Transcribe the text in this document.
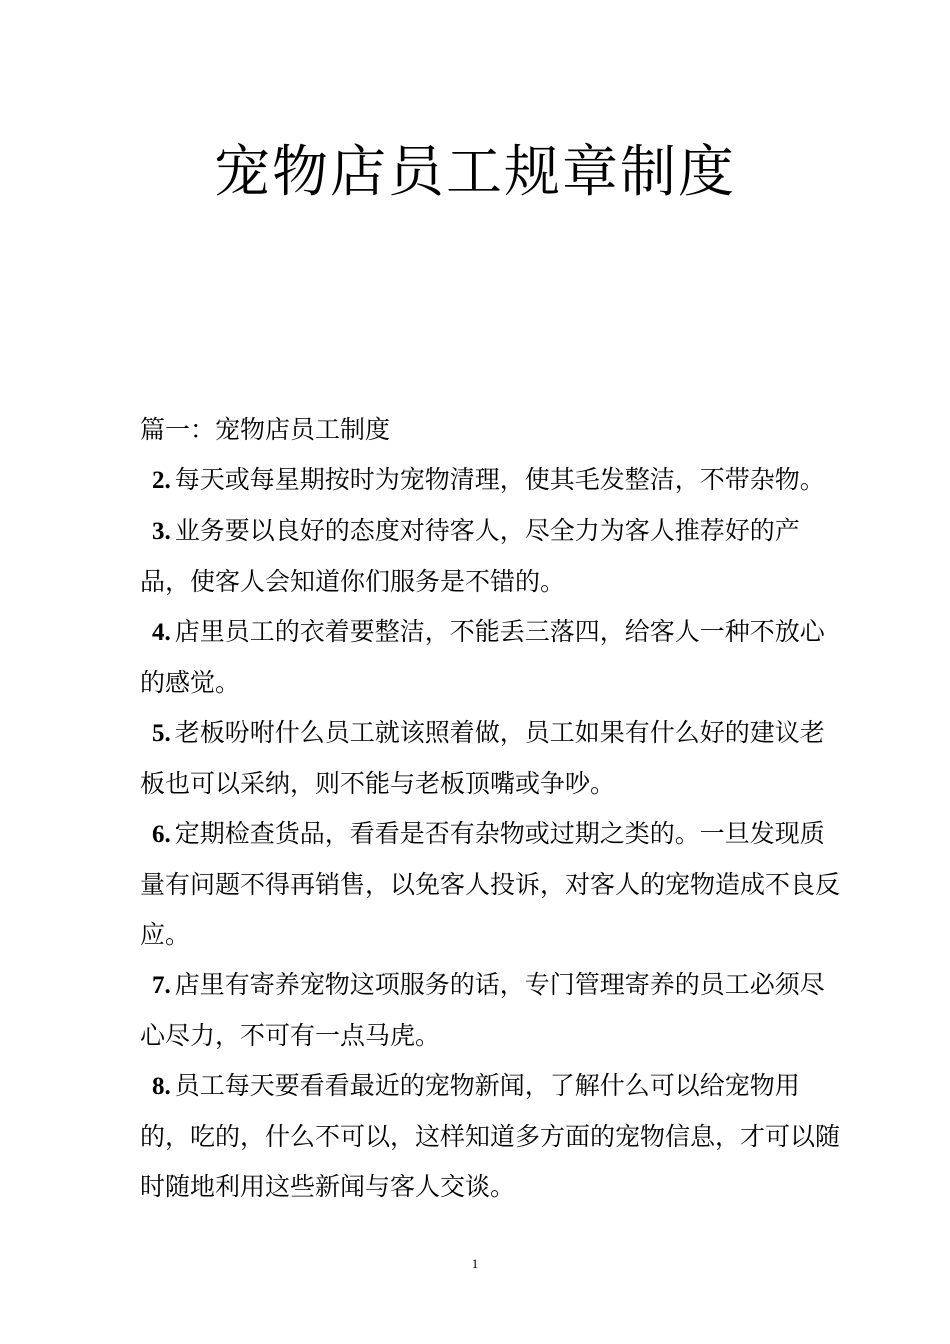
宠物店员工规章制度

篇一：宠物店员工制度

2. 每天或每星期按时为宠物清理，使其毛发整洁，不带杂物。

3. 业务要以良好的态度对待客人，尽全力为客人推荐好的产品，使客人会知道你们服务是不错的。

4. 店里员工的衣着要整洁，不能丢三落四，给客人一种不放心的感觉。

5. 老板吩咐什么员工就该照着做，员工如果有什么好的建议老板也可以采纳，则不能与老板顶嘴或争吵。

6. 定期检查货品，看看是否有杂物或过期之类的。一旦发现质量有问题不得再销售，以免客人投诉，对客人的宠物造成不良反应。

7. 店里有寄养宠物这项服务的话，专门管理寄养的员工必须尽心尽力，不可有一点马虎。

8. 员工每天要看看最近的宠物新闻，了解什么可以给宠物用的，吃的，什么不可以，这样知道多方面的宠物信息，才可以随时随地利用这些新闻与客人交谈。

1
